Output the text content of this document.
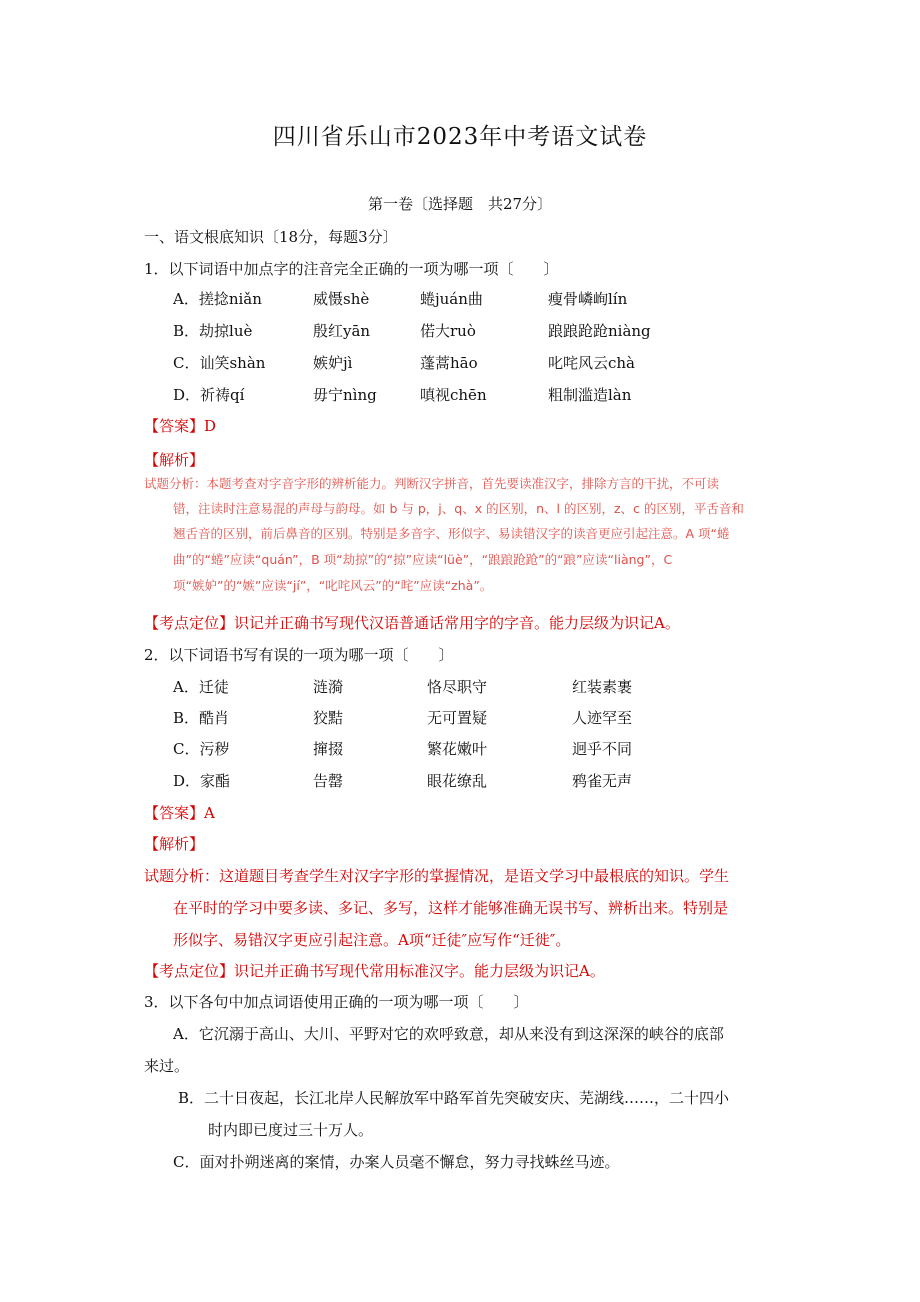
四川省乐山市2023年中考语文试卷
第一卷〔选择题　共27分〕
一、语文根底知识〔18分，每题3分〕
1．以下词语中加点字的注音完全正确的一项为哪一项〔　　〕
A．搓捻niǎn	威慑shè	蜷juán曲	瘦骨嶙峋lín
B．劫掠luè	殷红yān	偌大ruò	踉踉跄跄niàng
C．讪笑shàn	嫉妒jì	蓬蒿hāo	叱咤风云chà
D．祈祷qí	毋宁nìng	嗔视chēn	粗制滥造làn
【答案】D
【解析】
试题分析：本题考查对字音字形的辨析能力。判断汉字拼音，首先要读准汉字，排除方言的干扰，不可读
错，注读时注意易混的声母与韵母。如 b 与 p，j、q、x 的区别，n、l 的区别，z、c 的区别，平舌音和
翘舌音的区别，前后鼻音的区别。特别是多音字、形似字、易读错汉字的读音更应引起注意。A 项“蜷
曲”的“蜷”应读“quán”，B 项“劫掠”的“掠”应读“lüè”，“踉踉跄跄”的“踉”应读“liàng”，C
项“嫉妒”的“嫉”应读“jí”，“叱咤风云”的“咤”应读“zhà”。
【考点定位】识记并正确书写现代汉语普通话常用字的字音。能力层级为识记A。
2．以下词语书写有误的一项为哪一项〔　　〕
A．迁徒	涟漪	恪尽职守	红装素裹
B．酷肖	狡黠	无可置疑	人迹罕至
C．污秽	撺掇	繁花嫩叶	迥乎不同
D．家酯	告罄	眼花缭乱	鸦雀无声
【答案】A
【解析】
试题分析：这道题目考查学生对汉字字形的掌握情况，是语文学习中最根底的知识。学生
在平时的学习中要多读、多记、多写，这样才能够准确无误书写、辨析出来。特别是
形似字、易错汉字更应引起注意。A项“迁徒″应写作“迁徙″。
【考点定位】识记并正确书写现代常用标准汉字。能力层级为识记A。
3．以下各句中加点词语使用正确的一项为哪一项〔　　〕
A．它沉溺于高山、大川、平野对它的欢呼致意，却从来没有到这深深的峡谷的底部
来过。
B．二十日夜起，长江北岸人民解放军中路军首先突破安庆、芜湖线……，二十四小
时内即已度过三十万人。
C．面对扑朔迷离的案情，办案人员毫不懈怠，努力寻找蛛丝马迹。
